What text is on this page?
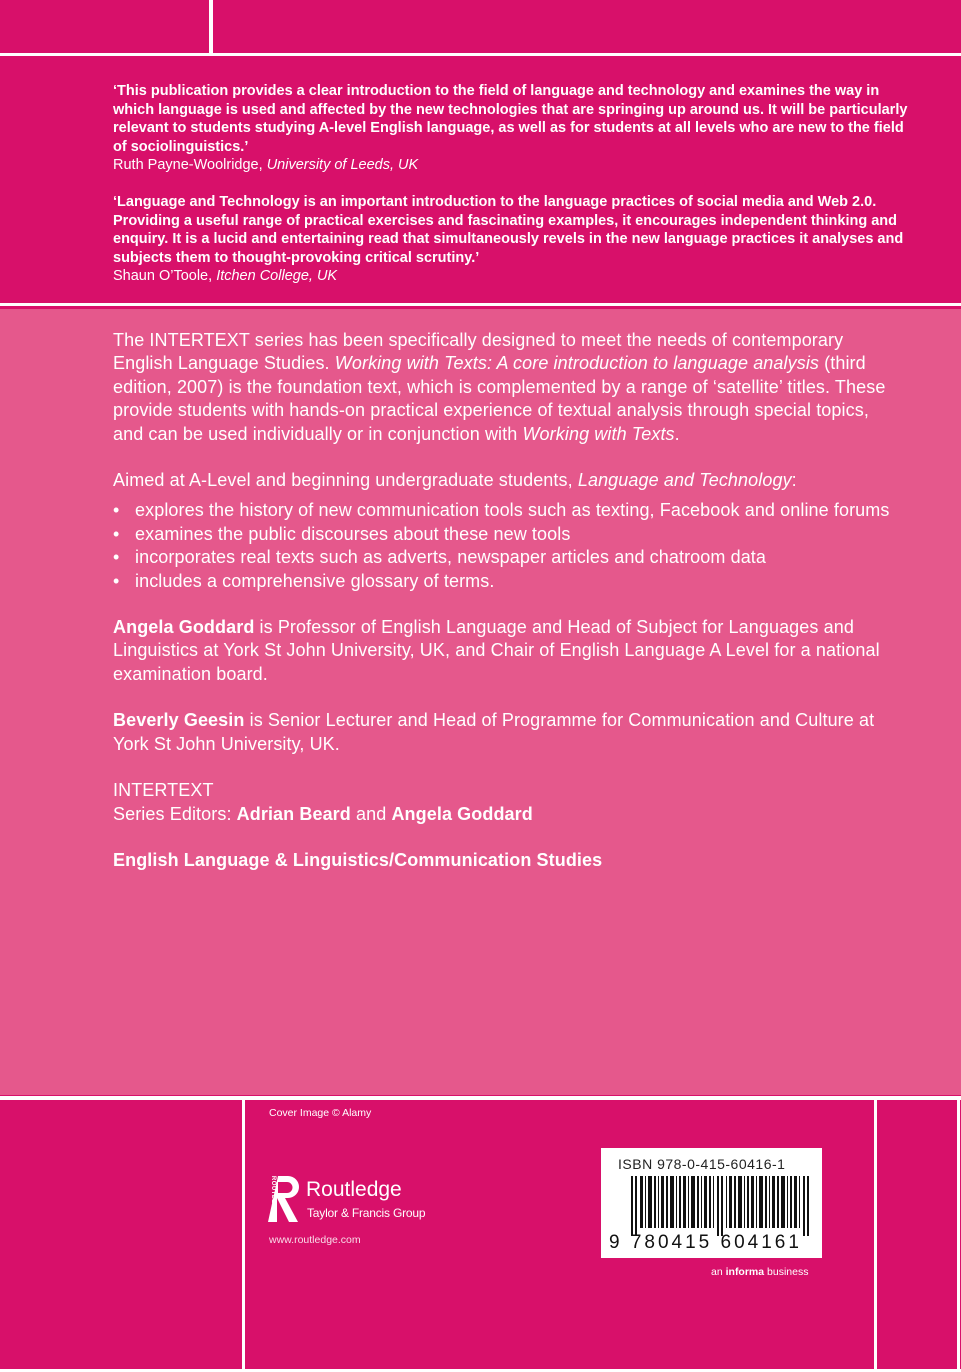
‘This publication provides a clear introduction to the field of language and technology and examines the way in which language is used and affected by the new technologies that are springing up around us. It will be particularly relevant to students studying A-level English language, as well as for students at all levels who are new to the field of sociolinguistics.’
Ruth Payne-Woolridge, University of Leeds, UK

‘Language and Technology is an important introduction to the language practices of social media and Web 2.0. Providing a useful range of practical exercises and fascinating examples, it encourages independent thinking and enquiry. It is a lucid and entertaining read that simultaneously revels in the new language practices it analyses and subjects them to thought-provoking critical scrutiny.’
Shaun O’Toole, Itchen College, UK

The INTERTEXT series has been specifically designed to meet the needs of contemporary English Language Studies. Working with Texts: A core introduction to language analysis (third edition, 2007) is the foundation text, which is complemented by a range of ‘satellite’ titles. These provide students with hands-on practical experience of textual analysis through special topics, and can be used individually or in conjunction with Working with Texts.

Aimed at A-Level and beginning undergraduate students, Language and Technology:

• explores the history of new communication tools such as texting, Facebook and online forums
• examines the public discourses about these new tools
• incorporates real texts such as adverts, newspaper articles and chatroom data
• includes a comprehensive glossary of terms.

Angela Goddard is Professor of English Language and Head of Subject for Languages and Linguistics at York St John University, UK, and Chair of English Language A Level for a national examination board.

Beverly Geesin is Senior Lecturer and Head of Programme for Communication and Culture at York St John University, UK.

INTERTEXT
Series Editors: Adrian Beard and Angela Goddard

English Language & Linguistics/Communication Studies

Cover Image © Alamy
ROUTLEDGE Routledge
Taylor & Francis Group
www.routledge.com
ISBN 978-0-415-60416-1
9 780415 604161
an informa business
